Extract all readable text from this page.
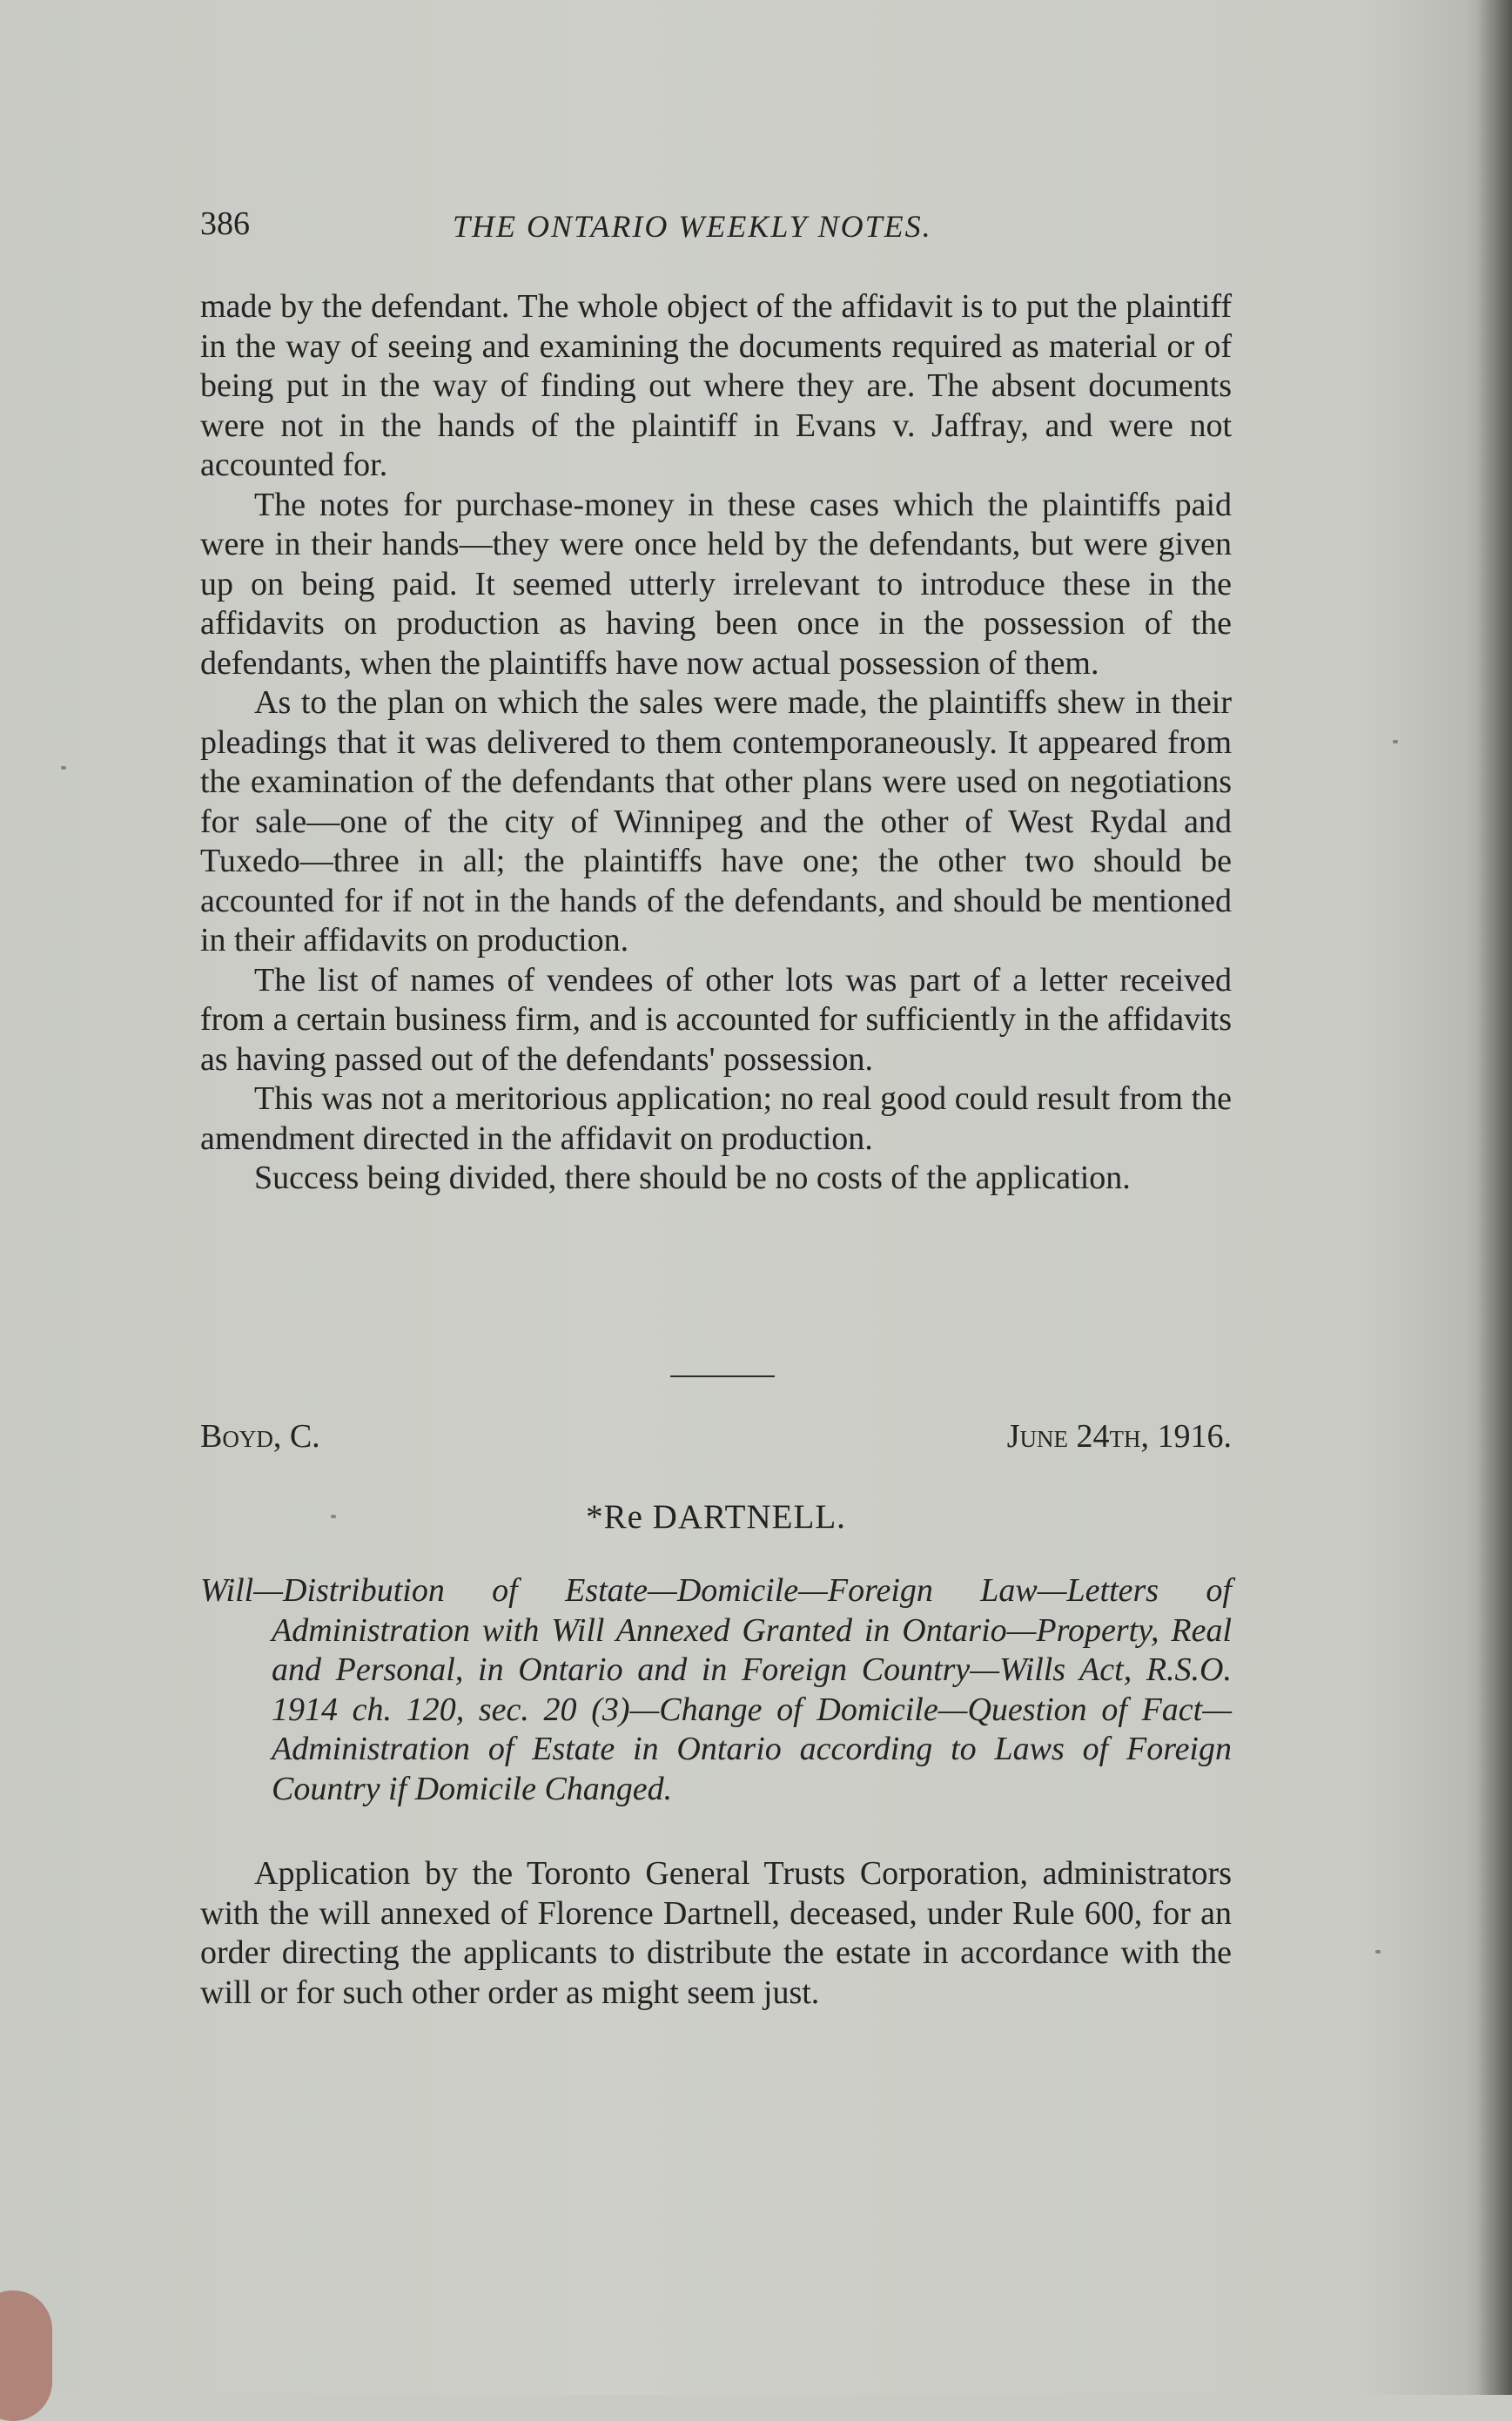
386	THE ONTARIO WEEKLY NOTES.

made by the defendant. The whole object of the affidavit is to put the plaintiff in the way of seeing and examining the documents required as material or of being put in the way of finding out where they are. The absent documents were not in the hands of the plaintiff in Evans v. Jaffray, and were not accounted for.

The notes for purchase-money in these cases which the plaintiffs paid were in their hands—they were once held by the defendants, but were given up on being paid. It seemed utterly irrelevant to introduce these in the affidavits on production as having been once in the possession of the defendants, when the plaintiffs have now actual possession of them.

As to the plan on which the sales were made, the plaintiffs shew in their pleadings that it was delivered to them contemporaneously. It appeared from the examination of the defendants that other plans were used on negotiations for sale—one of the city of Winnipeg and the other of West Rydal and Tuxedo—three in all; the plaintiffs have one; the other two should be accounted for if not in the hands of the defendants, and should be mentioned in their affidavits on production.

The list of names of vendees of other lots was part of a letter received from a certain business firm, and is accounted for sufficiently in the affidavits as having passed out of the defendants' possession.

This was not a meritorious application; no real good could result from the amendment directed in the affidavit on production.

Success being divided, there should be no costs of the application.

Boyd, C.	June 24th, 1916.
*Re DARTNELL.
Will—Distribution of Estate—Domicile—Foreign Law—Letters of Administration with Will Annexed Granted in Ontario—Property, Real and Personal, in Ontario and in Foreign Country—Wills Act, R.S.O. 1914 ch. 120, sec. 20 (3)—Change of Domicile—Question of Fact—Administration of Estate in Ontario according to Laws of Foreign Country if Domicile Changed.

Application by the Toronto General Trusts Corporation, administrators with the will annexed of Florence Dartnell, deceased, under Rule 600, for an order directing the applicants to distribute the estate in accordance with the will or for such other order as might seem just.
